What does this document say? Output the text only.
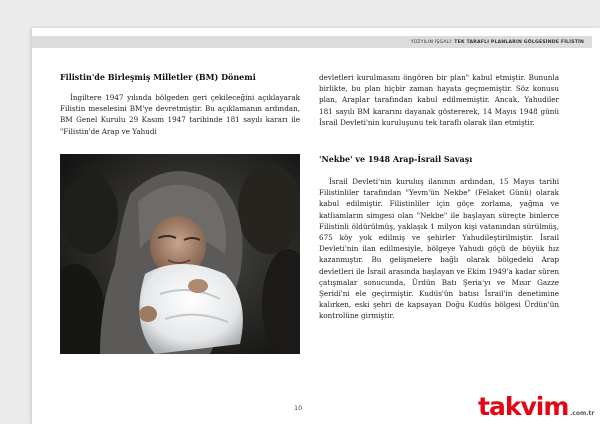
YÜZYILIN İŞGALİ:
TEK TARAFLI PLANLARIN GÖLGESİNDE FİLİSTİN
Filistin'de Birleşmiş Milletler (BM) Dönemi

İngiltere 1947 yılında bölgeden geri çekileceğini açıklayarak Filistin meselesini BM'ye devretmiştir. Bu açıklamanın ardından, BM Genel Kurulu 29 Kasım 1947 tarihinde 181 sayılı kararı ile "Filistin'de Arap ve Yahudi

devletleri kurulmasını öngören bir plan" kabul etmiştir. Bununla birlikte, bu plan hiçbir zaman hayata geçmemiştir. Söz konusu plan, Araplar tarafından kabul edilmemiştir. Ancak, Yahudiler 181 sayılı BM kararını dayanak göstererek, 14 Mayıs 1948 günü İsrail Devleti'nin kuruluşunu tek taraflı olarak ilan etmiştir.

'Nekbe' ve 1948 Arap-İsrail Savaşı

İsrail Devleti'nin kuruluş ilanının ardından, 15 Mayıs tarihi Filistinliler tarafından "Yevm'ün Nekbe" (Felaket Günü) olarak kabul edilmiştir. Filistinliler için göçe zorlama, yağma ve katliamların simgesi olan "Nekbe" ile başlayan süreçte binlerce Filistinli öldürülmüş, yaklaşık 1 milyon kişi vatanından sürülmüş, 675 köy yok edilmiş ve şehirler Yahudileştirilmiştir. İsrail Devleti'nin ilan edilmesiyle, bölgeye Yahudi göçü de büyük hız kazanmıştır. Bu gelişmelere bağlı olarak bölgedeki Arap devletleri ile İsrail arasında başlayan ve Ekim 1949'a kadar süren çatışmalar sonucunda, Ürdün Batı Şeria'yı ve Mısır Gazze Şeridi'ni ele geçirmiştir. Kudüs'ün batısı İsrail'in denetimine kalırken, eski şehri de kapsayan Doğu Kudüs bölgesi Ürdün'ün kontrolüne girmiştir.

10	takvim .com.tr
